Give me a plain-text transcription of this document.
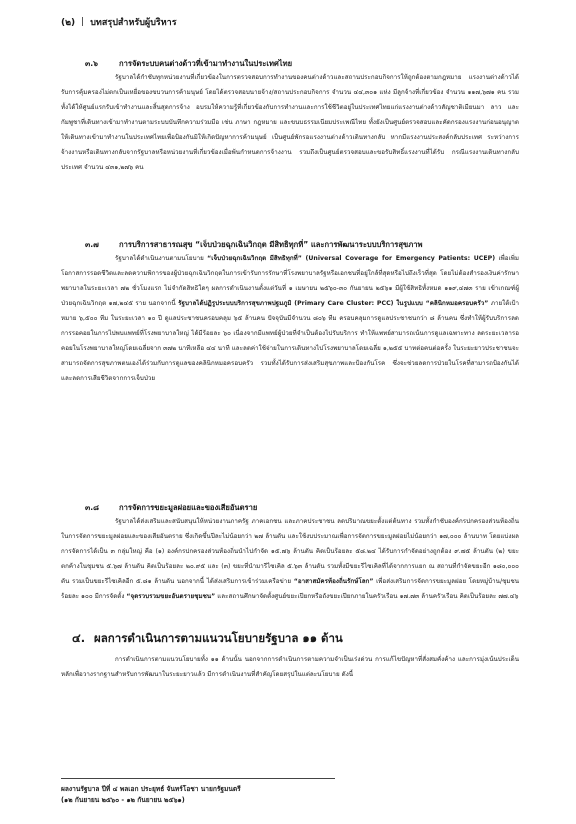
(๒) | บทสรุปสำหรับผู้บริหาร
๓.๖	การจัดระบบคนต่างด้าวที่เข้ามาทำงานในประเทศไทย

รัฐบาลได้กำชับทุกหน่วยงานที่เกี่ยวข้องในการตรวจสอบการทำงานของคนต่างด้าวและสถานประกอบกิจการให้ถูกต้องตามกฎหมาย แรงงานต่างด้าวได้รับการคุ้มครองไม่ตกเป็นเหยื่อของขบวนการค้ามนุษย์ โดยได้ตรวจสอบนายจ้าง/สถานประกอบกิจการ จำนวน ๔๔,๓๐๑ แห่ง มีลูกจ้างที่เกี่ยวข้อง จำนวน ๑๑๗,๖๗๑ คน รวมทั้งได้ให้ศูนย์แรกรับเข้าทำงานและสิ้นสุดการจ้าง อบรมให้ความรู้ที่เกี่ยวข้องกับการทำงานและการใช้ชีวิตอยู่ในประเทศไทยแก่แรงงานต่างด้าวสัญชาติเมียนมา ลาว และกัมพูชาที่เดินทางเข้ามาทำงานตามระบบบันทึกความร่วมมือ เช่น ภาษา กฎหมาย และขนบธรรมเนียมประเพณีไทย ทั้งยังเป็นศูนย์ตรวจสอบและคัดกรองแรงงานก่อนอนุญาตให้เดินทางเข้ามาทำงานในประเทศไทยเพื่อป้องกันมิให้เกิดปัญหาการค้ามนุษย์ เป็นศูนย์พักรอแรงงานต่างด้าวเดินทางกลับ หากมีแรงงานประสงค์กลับประเทศ ระหว่างการจ้างงานหรือเดินทางกลับจากรัฐบาลหรือหน่วยงานที่เกี่ยวข้องเมื่อพ้นกำหนดการจ้างงาน รวมถึงเป็นศูนย์ตรวจสอบและขอรับสิทธิ์แรงงานที่ได้รับ กรณีแรงงานเดินทางกลับประเทศ จำนวน ๔๓๑,๒๗๖ คน

๓.๗	การบริการสาธารณสุข “เจ็บป่วยฉุกเฉินวิกฤต มีสิทธิทุกที่” และการพัฒนาระบบบริการสุขภาพ

รัฐบาลได้ดำเนินงานตามนโยบาย “เจ็บป่วยฉุกเฉินวิกฤต มีสิทธิทุกที่” (Universal Coverage for Emergency Patients: UCEP) เพื่อเพิ่มโอกาสการรอดชีวิตและลดความพิการของผู้ป่วยฉุกเฉินวิกฤตในการเข้ารับการรักษาที่โรงพยาบาลรัฐหรือเอกชนที่อยู่ใกล้ที่สุดหรือไปถึงเร็วที่สุด โดยไม่ต้องสำรองเงินค่ารักษาพยาบาลในระยะเวลา ๗๒ ชั่วโมงแรก ไม่จำกัดสิทธิใดๆ ผลการดำเนินงานตั้งแต่วันที่ ๑ เมษายน ๒๕๖๐-๓๐ กันยายน ๒๕๖๑ มีผู้ใช้สิทธิทั้งหมด ๑๑๙,๔๗๓ ราย เข้าเกณฑ์ผู้ป่วยฉุกเฉินวิกฤต ๑๗,๒๔๕ ราย นอกจากนี้ รัฐบาลได้ปฏิรูประบบบริการสุขภาพปฐมภูมิ (Primary Care Cluster: PCC) ในรูปแบบ “คลินิกหมอครอบครัว” ภายใต้เป้าหมาย ๖,๕๐๐ ทีม ในระยะเวลา ๑๐ ปี ดูแลประชาชนครอบคลุม ๖๕ ล้านคน ปัจจุบันมีจำนวน ๘๐๖ ทีม ครอบคลุมการดูแลประชาชนกว่า ๘ ล้านคน ซึ่งทำให้ผู้รับบริการลดการรอคอยในการไปพบแพทย์ที่โรงพยาบาลใหญ่ ได้มีร้อยละ ๖๐ เนื่องจากมีแพทย์ผู้ป่วยที่จำเป็นต้องไปรับบริการ ทำให้แพทย์สามารถเน้นการดูแลเฉพาะทาง ลดระยะเวลารอคอยในโรงพยาบาลใหญ่โดยเฉลี่ยจาก ๓๗๒ นาทีเหลือ ๔๔ นาที และลดค่าใช้จ่ายในการเดินทางไปโรงพยาบาลโดยเฉลี่ย ๑,๒๕๕ บาทต่อคนต่อครั้ง ในระยะยาวประชาชนจะสามารถจัดการสุขภาพตนเองได้ร่วมกับการดูแลของคลินิกหมอครอบครัว รวมทั้งได้รับการส่งเสริมสุขภาพและป้องกันโรค ซึ่งจะช่วยลดการป่วยในโรคที่สามารถป้องกันได้และลดการเสียชีวิตจากการเจ็บป่วย

๓.๘	การจัดการขยะมูลฝอยและของเสียอันตราย

รัฐบาลได้ส่งเสริมและสนับสนุนให้หน่วยงานภาครัฐ ภาคเอกชน และภาคประชาชน ลดปริมาณขยะตั้งแต่ต้นทาง รวมทั้งกำชับองค์กรปกครองส่วนท้องถิ่นในการจัดการขยะมูลฝอยและของเสียอันตราย ซึ่งเกิดขึ้นปีละไม่น้อยกว่า ๒๗ ล้านตัน และใช้งบประมาณเพื่อการจัดการขยะมูลฝอยไม่น้อยกว่า ๑๗,๐๐๐ ล้านบาท โดยแบ่งผลการจัดการได้เป็น ๓ กลุ่มใหญ่ คือ (๑) องค์กรปกครองส่วนท้องถิ่นนำไปกำจัด ๑๕.๗๖ ล้านตัน คิดเป็นร้อยละ ๕๘.๒๔ ได้รับการกำจัดอย่างถูกต้อง ๙.๗๕ ล้านตัน (๒) ขยะตกค้างในชุมชน ๕.๖๗ ล้านตัน คิดเป็นร้อยละ ๒๐.๙๕ และ (๓) ขยะที่นำมารีไซเคิล ๕.๖๓ ล้านตัน รวมทั้งมีขยะรีไซเคิลที่ได้จากการแยก ณ สถานที่กำจัดขยะอีก ๑๘๐,๐๐๐ ตัน รวมเป็นขยะรีไซเคิลอีก ๕.๘๑ ล้านตัน นอกจากนี้ ได้ส่งเสริมการเข้าร่วมเครือข่าย “อาสาสมัครท้องถิ่นรักษ์โลก” เพื่อส่งเสริมการจัดการขยะมูลฝอย โดยหมู่บ้าน/ชุมชน ร้อยละ ๑๐๐ มีการจัดตั้ง “จุดรวบรวมขยะอันตรายชุมชน” และสถานศึกษาจัดตั้งศูนย์ขยะเปียกหรือถังขยะเปียกภายในครัวเรือน ๑๗.๗๓ ล้านครัวเรือน คิดเป็นร้อยละ ๗๗.๔๖

๔. ผลการดำเนินการตามแนวนโยบายรัฐบาล ๑๑ ด้าน

การดำเนินการตามแนวนโยบายทั้ง ๑๑ ด้านนั้น นอกจากการดำเนินการตามความจำเป็นเร่งด่วน การแก้ไขปัญหาที่สั่งสมคั่งค้าง และการมุ่งเน้นประเด็นหลักเพื่อวางรากฐานสำหรับการพัฒนาในระยะยาวแล้ว มีการดำเนินงานที่สำคัญโดยสรุปในแต่ละนโยบาย ดังนี้

ผลงานรัฐบาล ปีที่ ๔ พลเอก ประยุทธ์ จันทร์โอชา นายกรัฐมนตรี
(๑๒ กันยายน ๒๕๖๐ - ๑๒ กันยายน ๒๕๖๑)
